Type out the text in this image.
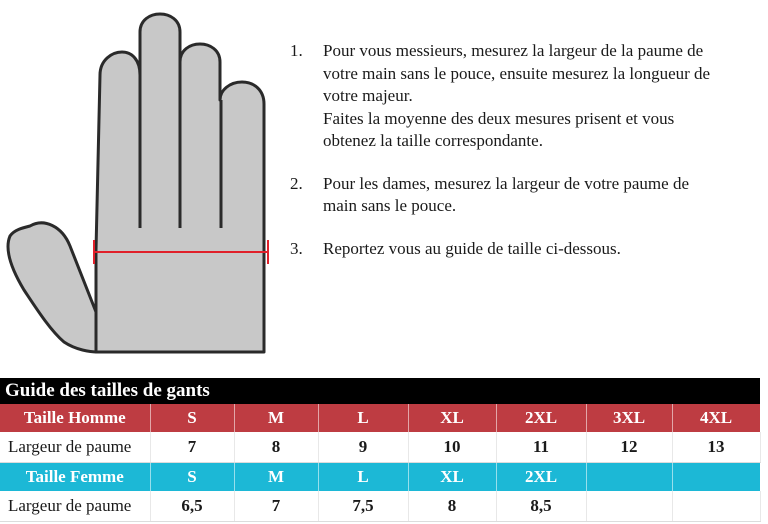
1. Pour vous messieurs, mesurez la largeur de la paume de
votre main sans le pouce, ensuite mesurez la longueur de
votre majeur.
Faites la moyenne des deux mesures prisent et vous
obtenez la taille correspondante.
2. Pour les dames, mesurez la largeur de votre paume de
main sans le pouce.
3. Reportez vous au guide de taille ci-dessous.
Guide des tailles de gants
Taille Homme	S	M	L	XL	2XL	3XL	4XL
Largeur de paume	7	8	9	10	11	12	13
Taille Femme	S	M	L	XL	2XL		
Largeur de paume	6,5	7	7,5	8	8,5		
